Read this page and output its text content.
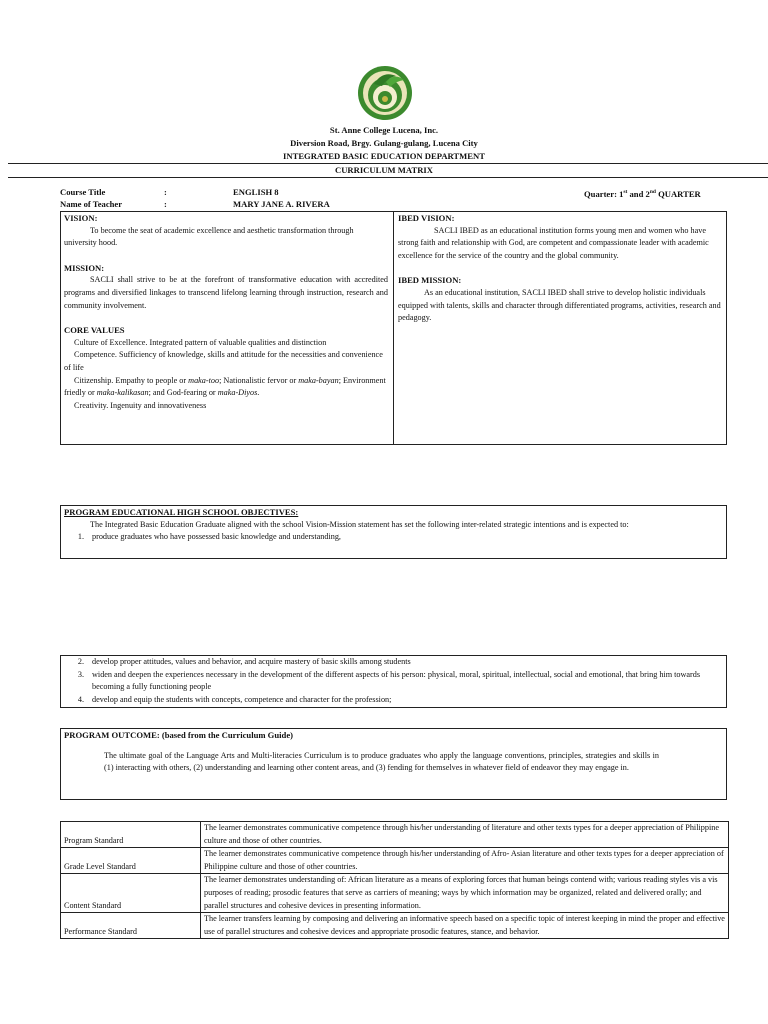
St. Anne College Lucena, Inc.
Diversion Road, Brgy. Gulang-gulang, Lucena City
INTEGRATED BASIC EDUCATION DEPARTMENT
CURRICULUM MATRIX
Course Title	:	ENGLISH 8	Quarter: 1st and 2nd QUARTER
Name of Teacher	:	MARY JANE A. RIVERA
VISION:

To become the seat of academic excellence and aesthetic transformation through university hood.

MISSION:

SACLI shall strive to be at the forefront of transformative education with accredited programs and diversified linkages to transcend lifelong learning through instruction, research and community involvement.

CORE VALUES

Culture of Excellence. Integrated pattern of valuable qualities and distinction

Competence. Sufficiency of knowledge, skills and attitude for the necessities and convenience of life

Citizenship. Empathy to people or maka-too; Nationalistic fervor or maka-bayan; Environment friedly or maka-kalikasan; and God-fearing or maka-Diyos.

Creativity. Ingenuity and innovativeness

IBED VISION:

SACLI IBED as an educational institution forms young men and women who have strong faith and relationship with God, are competent and compassionate leader with academic excellence for the service of the country and the global community.

IBED MISSION:

As an educational institution, SACLI IBED shall strive to develop holistic individuals equipped with talents, skills and character through differentiated programs, activities, research and pedagogy.

PROGRAM EDUCATIONAL HIGH SCHOOL OBJECTIVES:

The Integrated Basic Education Graduate aligned with the school Vision-Mission statement has set the following inter-related strategic intentions and is expected to:

1. produce graduates who have possessed basic knowledge and understanding,
2. develop proper attitudes, values and behavior, and acquire mastery of basic skills among students
3. widen and deepen the experiences necessary in the development of the different aspects of his person: physical, moral, spiritual, intellectual, social and emotional, that bring him towards becoming a fully functioning people
4. develop and equip the students with concepts, competence and character for the profession;
PROGRAM OUTCOME: (based from the Curriculum Guide)

The ultimate goal of the Language Arts and Multi-literacies Curriculum is to produce graduates who apply the language conventions, principles, strategies and skills in (1) interacting with others, (2) understanding and learning other content areas, and (3) fending for themselves in whatever field of endeavor they may engage in.

Program Standard	The learner demonstrates communicative competence through his/her understanding of literature and other texts types for a deeper appreciation of Philippine culture and those of other countries.
Grade Level Standard	The learner demonstrates communicative competence through his/her understanding of Afro- Asian literature and other texts types for a deeper appreciation of Philippine culture and those of other countries.
Content Standard	The learner demonstrates understanding of: African literature as a means of exploring forces that human beings contend with; various reading styles vis a vis purposes of reading; prosodic features that serve as carriers of meaning; ways by which information may be organized, related and delivered orally; and parallel structures and cohesive devices in presenting information.
Performance Standard	The learner transfers learning by composing and delivering an informative speech based on a specific topic of interest keeping in mind the proper and effective use of parallel structures and cohesive devices and appropriate prosodic features, stance, and behavior.
